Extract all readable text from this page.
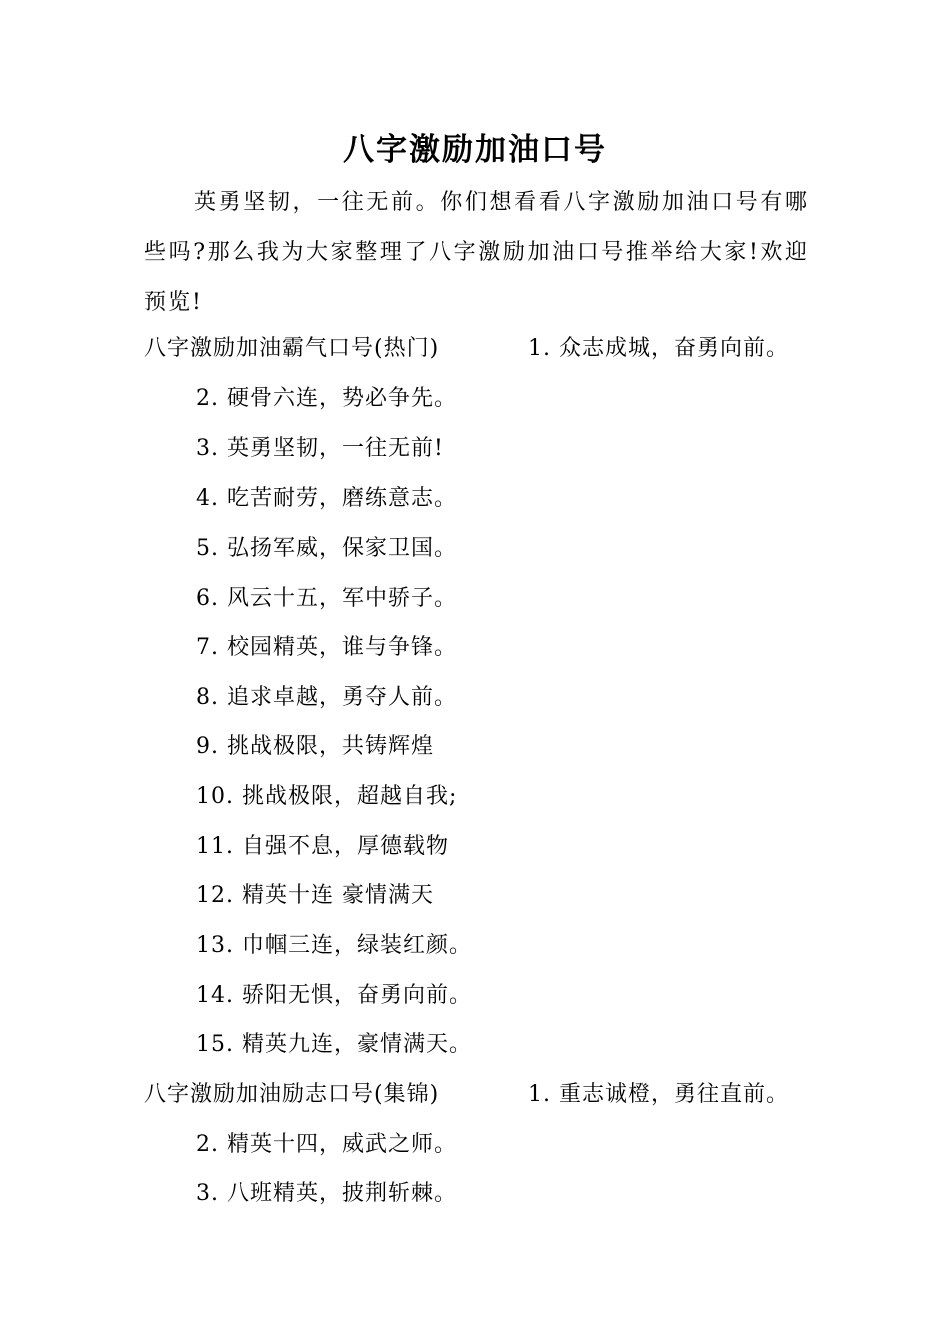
八字激励加油口号
英勇坚韧，一往无前。你们想看看八字激励加油口号有哪些吗?那么我为大家整理了八字激励加油口号推举给大家!欢迎预览!
八字激励加油霸气口号(热门)	1. 众志成城，奋勇向前。
2. 硬骨六连，势必争先。
3. 英勇坚韧，一往无前!
4. 吃苦耐劳，磨练意志。
5. 弘扬军威，保家卫国。
6. 风云十五，军中骄子。
7. 校园精英，谁与争锋。
8. 追求卓越，勇夺人前。
9. 挑战极限，共铸辉煌
10. 挑战极限，超越自我;
11. 自强不息，厚德载物
12. 精英十连 豪情满天
13. 巾帼三连，绿装红颜。
14. 骄阳无惧，奋勇向前。
15. 精英九连，豪情满天。
八字激励加油励志口号(集锦)	1. 重志诚橙，勇往直前。
2. 精英十四，威武之师。
3. 八班精英，披荆斩棘。
